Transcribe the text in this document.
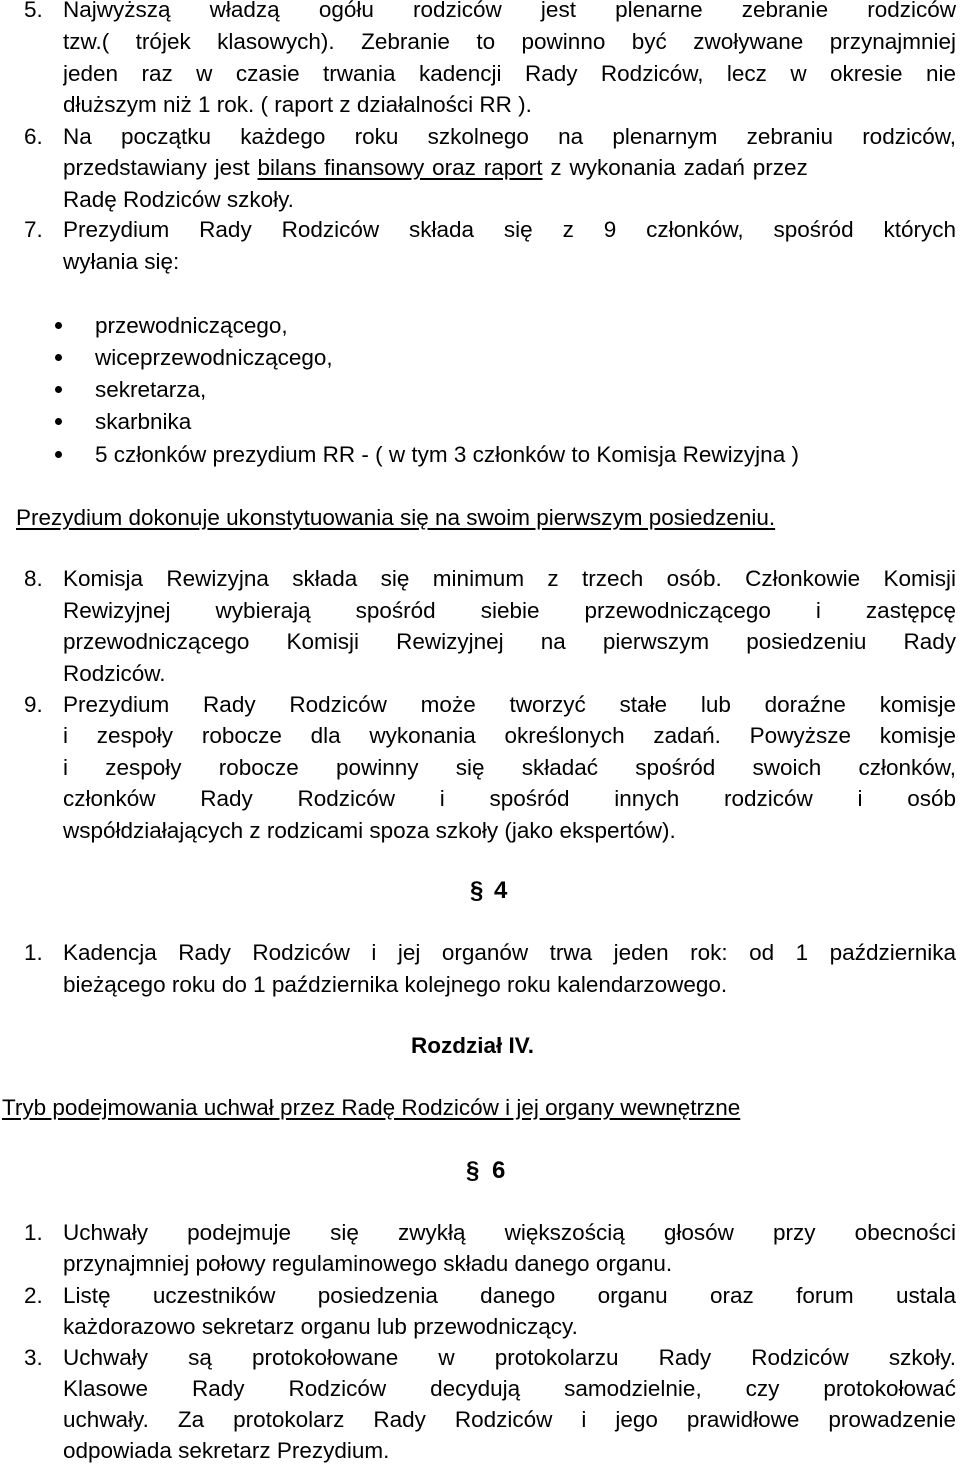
5. Najwyższą władzą ogółu rodziców jest plenarne zebranie rodziców

tzw.( trójek klasowych). Zebranie to powinno być zwoływane przynajmniej

jeden raz w czasie trwania kadencji Rady Rodziców, lecz w okresie nie

dłuższym niż 1 rok. ( raport z działalności RR ).

6. Na początku każdego roku szkolnego na plenarnym zebraniu rodziców,

przedstawiany jest bilans finansowy oraz raport z wykonania zadań przez

Radę Rodziców szkoły.

7. Prezydium Rady Rodziców składa się z 9 członków, spośród których

wyłania się:

przewodniczącego,

wiceprzewodniczącego,

sekretarza,

skarbnika

5 członków prezydium RR - ( w tym 3 członków to Komisja Rewizyjna )

Prezydium dokonuje ukonstytuowania się na swoim pierwszym posiedzeniu.

8. Komisja Rewizyjna składa się minimum z trzech osób. Członkowie Komisji

Rewizyjnej wybierają spośród siebie przewodniczącego i zastępcę

przewodniczącego Komisji Rewizyjnej na pierwszym posiedzeniu Rady

Rodziców.

9. Prezydium Rady Rodziców może tworzyć stałe lub doraźne komisje

i zespoły robocze dla wykonania określonych zadań. Powyższe komisje

i zespoły robocze powinny się składać spośród swoich członków,

członków Rady Rodziców i spośród innych rodziców i osób

współdziałających z rodzicami spoza szkoły (jako ekspertów).

§ 4
1. Kadencja Rady Rodziców i jej organów trwa jeden rok: od 1 października

bieżącego roku do 1 października kolejnego roku kalendarzowego.

Rozdział IV.

Tryb podejmowania uchwał przez Radę Rodziców i jej organy wewnętrzne

§ 6
1. Uchwały podejmuje się zwykłą większością głosów przy obecności

przynajmniej połowy regulaminowego składu danego organu.

2. Listę uczestników posiedzenia danego organu oraz forum ustala

każdorazowo sekretarz organu lub przewodniczący.

3. Uchwały są protokołowane w protokolarzu Rady Rodziców szkoły.

Klasowe Rady Rodziców decydują samodzielnie, czy protokołować

uchwały. Za protokolarz Rady Rodziców i jego prawidłowe prowadzenie

odpowiada sekretarz Prezydium.
